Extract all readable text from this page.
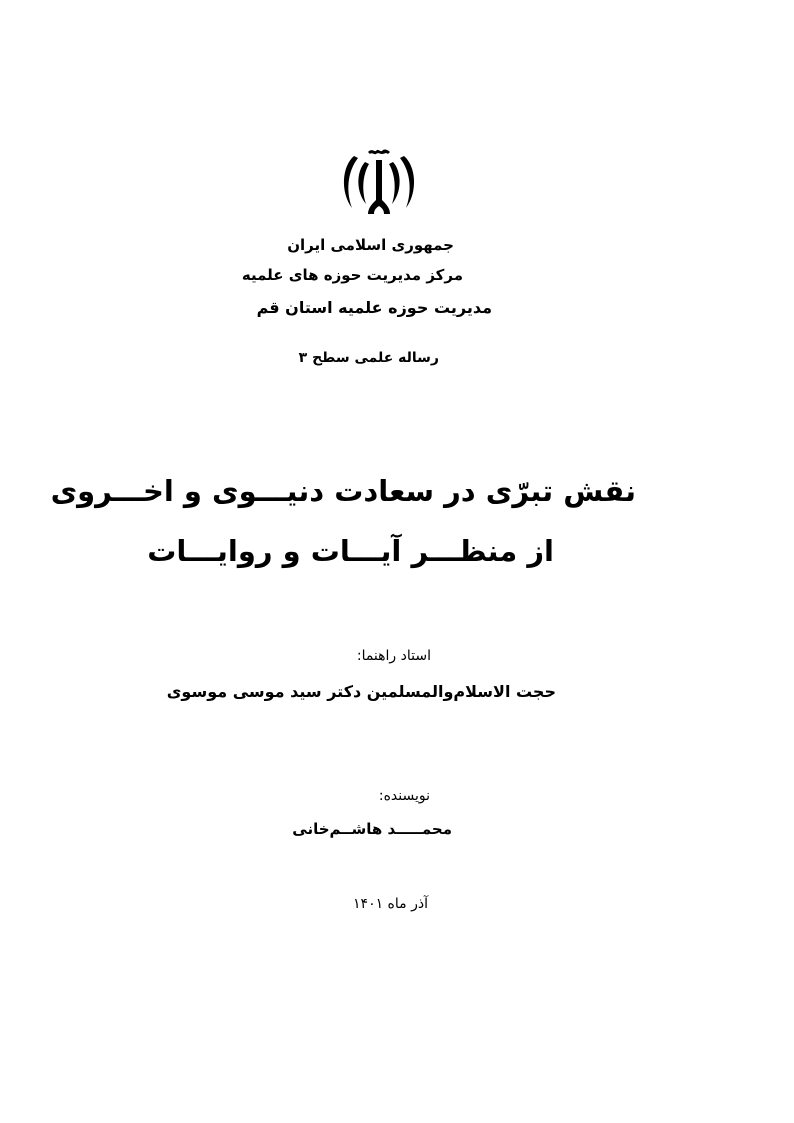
جمهوری اسلامی ایران
مرکز مدیریت حوزه های علمیه
مدیریت حوزه علمیه استان قم
رساله علمی سطح ۳
نقش تبرّی در سعادت دنیـــوی و اخـــروی
از منظـــر آیـــات و روایـــات
استاد راهنما:
حجت الاسلام‌والمسلمین دکتر سید موسی موسوی
نویسنده:
محمـــــد هاشــم‌خانی
آذر ماه ۱۴۰۱
